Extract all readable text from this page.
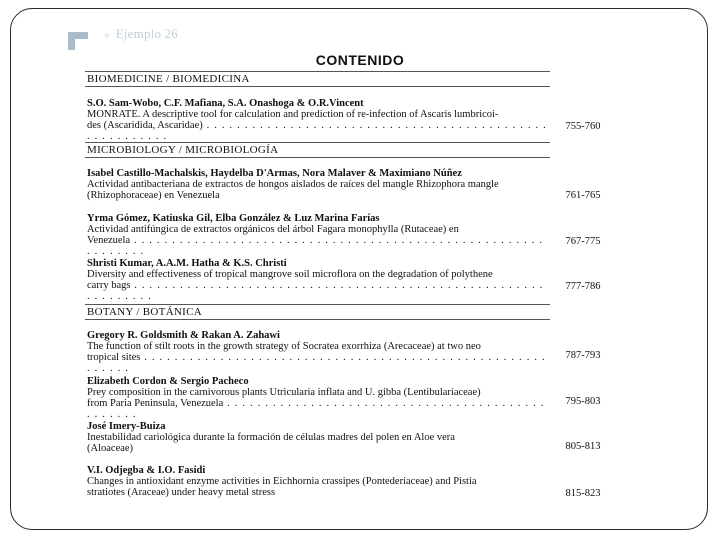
» Ejemplo 26
CONTENIDO
BIOMEDICINE / BIOMEDICINA
S.O. Sam-Wobo, C.F. Mafiana, S.A. Onashoga & O.R.Vincent
MONRATE. A descriptive tool for calculation and prediction of re-infection of Ascaris lumbricoi-
des (Ascaridida, Ascaridae) . . . . . . . . . . . . . . . . . . . . . . . . . . . . . . . . . . . . . . . . . . . . . . . . . . . . . . . .
755-760
MICROBIOLOGY / MICROBIOLOGÍA
Isabel Castillo-Machalskis, Haydelba D'Armas, Nora Malaver & Maximiano Núñez
Actividad antibacteriana de extractos de hongos aislados de raíces del mangle Rhizophora mangle
(Rhizophoraceae) en Venezuela	761-765
Yrma Gómez, Katiuska Gil, Elba González & Luz Marina Farías
Actividad antifúngica de extractos orgánicos del árbol Fagara monophylla (Rutaceae) en
Venezuela . . . . . . . . . . . . . . . . . . . . . . . . . . . . . . . . . . . . . . . . . . . . . . . . . . . . . . . . . . . . . .
767-775
Shristi Kumar, A.A.M. Hatha & K.S. Christi
Diversity and effectiveness of tropical mangrove soil microflora on the degradation of polythene
carry bags . . . . . . . . . . . . . . . . . . . . . . . . . . . . . . . . . . . . . . . . . . . . . . . . . . . . . . . . . . . . . . .
777-786
BOTANY / BOTÁNICA
Gregory R. Goldsmith & Rakan A. Zahawi
The function of stilt roots in the growth strategy of Socratea exorrhiza (Arecaceae) at two neo
tropical sites . . . . . . . . . . . . . . . . . . . . . . . . . . . . . . . . . . . . . . . . . . . . . . . . . . . . . . . . . . .
787-793
Elizabeth Cordon & Sergio Pacheco
Prey composition in the carnivorous plants Utricularia inflata and U. gibba (Lentibulariaceae)
from Paria Peninsula, Venezuela . . . . . . . . . . . . . . . . . . . . . . . . . . . . . . . . . . . . . . . . . . . . . . . . .
795-803
José Imery-Buiza
Inestabilidad cariológica durante la formación de células madres del polen en Aloe vera
(Aloaceae)	805-813
V.I. Odjegba & I.O. Fasidi
Changes in antioxidant enzyme activities in Eichhornia crassipes (Pontederiaceae) and Pistia
stratiotes (Araceae) under heavy metal stress	815-823
